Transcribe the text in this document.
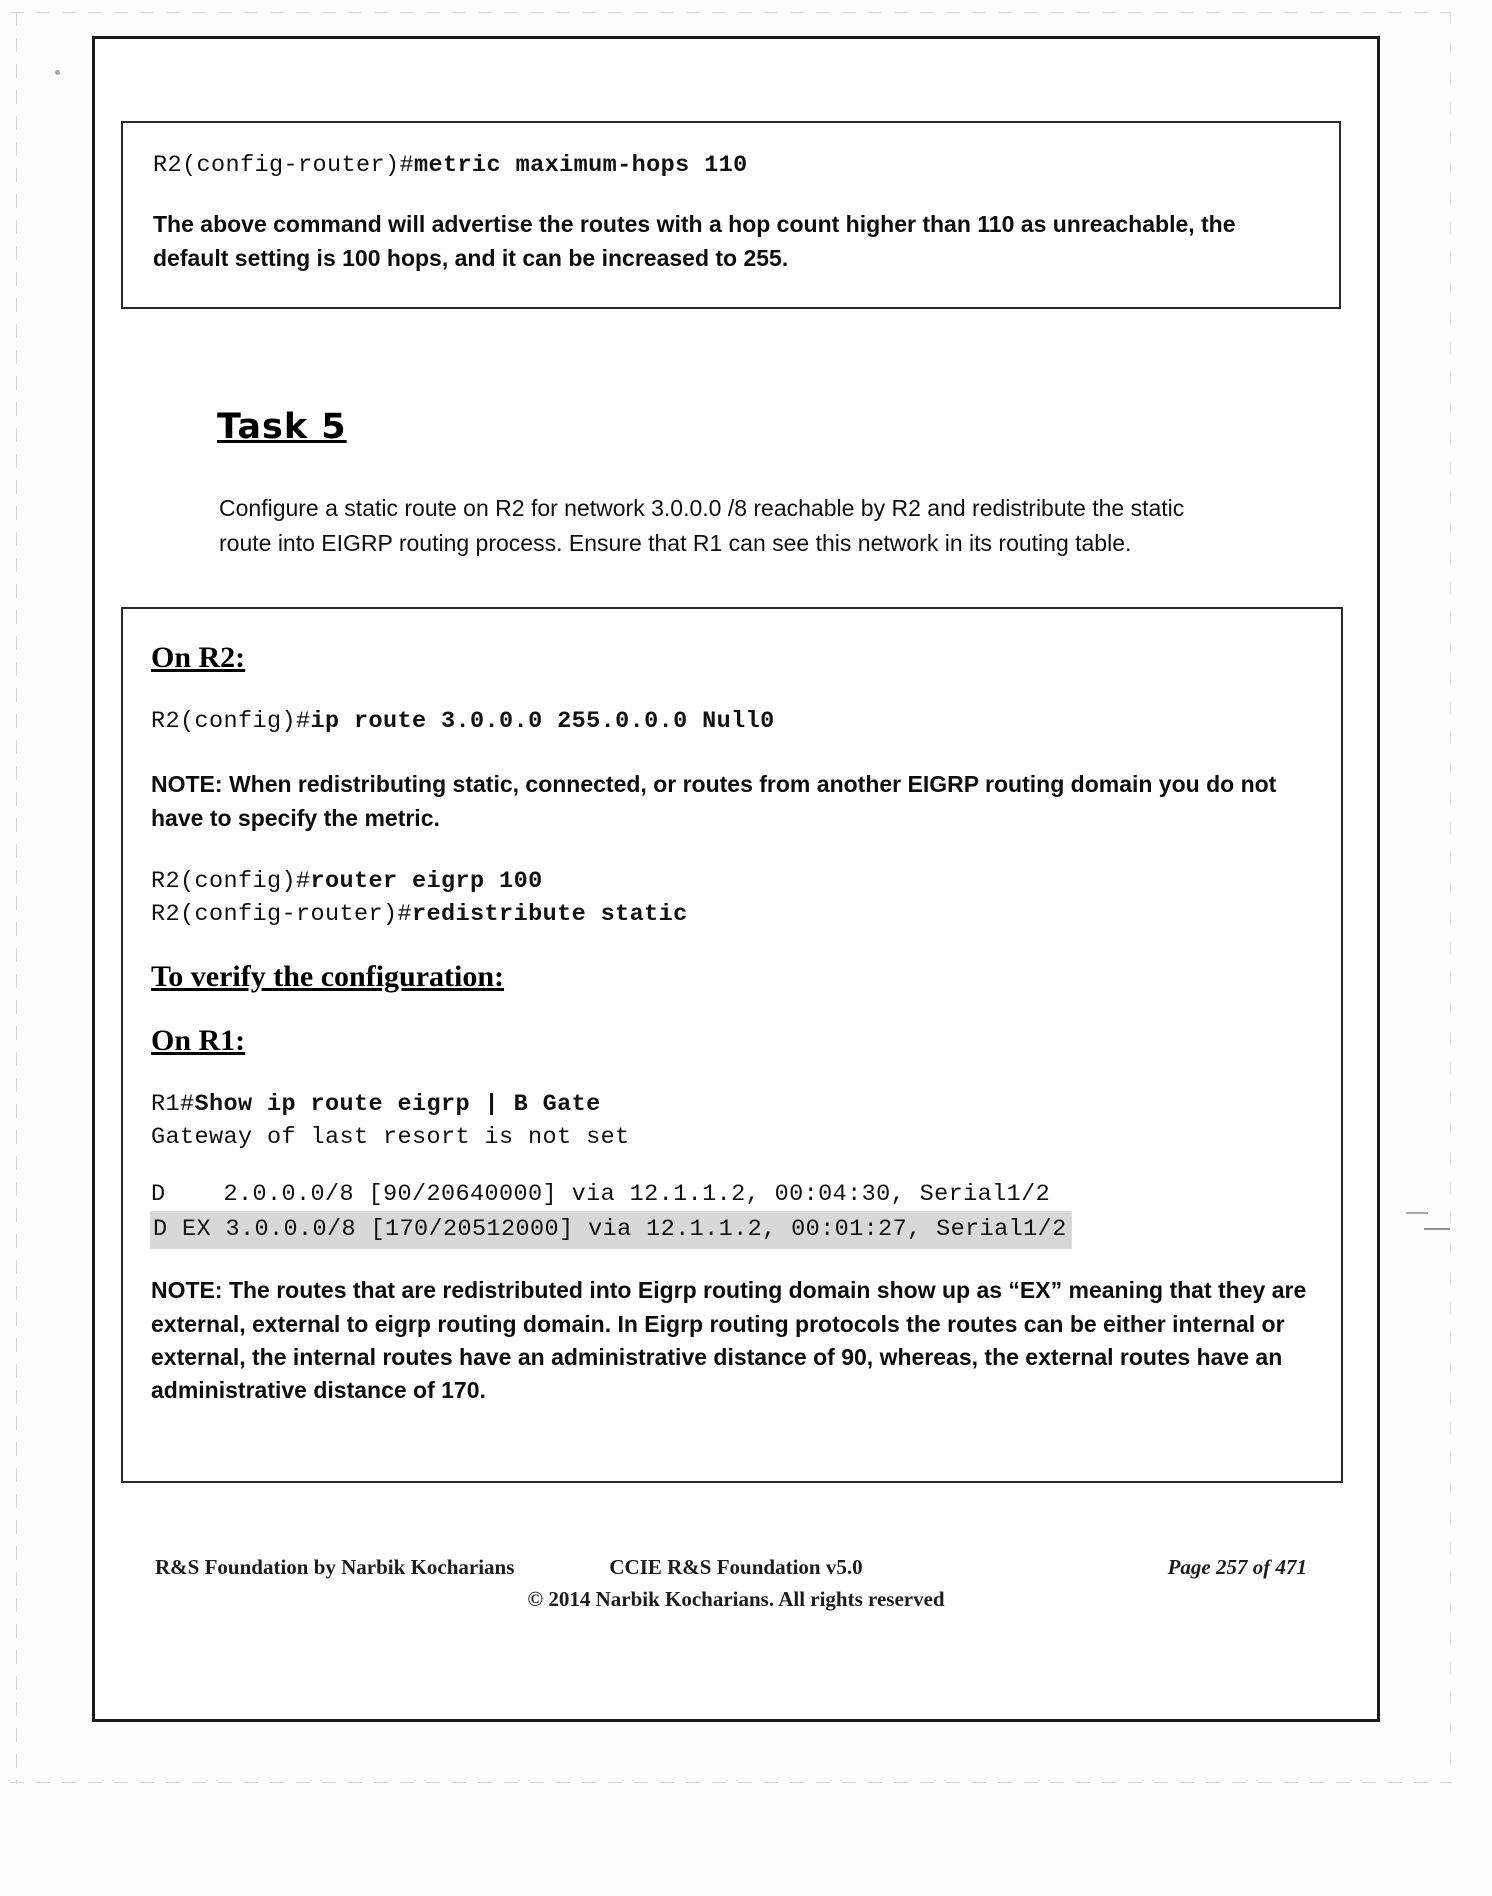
R2(config-router)#metric maximum-hops 110
The above command will advertise the routes with a hop count higher than 110 as unreachable, the default setting is 100 hops, and it can be increased to 255.
Task 5
Configure a static route on R2 for network 3.0.0.0 /8 reachable by R2 and redistribute the static route into EIGRP routing process. Ensure that R1 can see this network in its routing table.
On R2:
R2(config)#ip route 3.0.0.0 255.0.0.0 Null0
NOTE: When redistributing static, connected, or routes from another EIGRP routing domain you do not have to specify the metric.
R2(config)#router eigrp 100
R2(config-router)#redistribute static
To verify the configuration:
On R1:
R1#Show ip route eigrp | B Gate
Gateway of last resort is not set
D    2.0.0.0/8 [90/20640000] via 12.1.1.2, 00:04:30, Serial1/2
D EX 3.0.0.0/8 [170/20512000] via 12.1.1.2, 00:01:27, Serial1/2
NOTE: The routes that are redistributed into Eigrp routing domain show up as “EX” meaning that they are external, external to eigrp routing domain. In Eigrp routing protocols the routes can be either internal or external, the internal routes have an administrative distance of 90, whereas, the external routes have an administrative distance of 170.
R&S Foundation by Narbik Kocharians	CCIE R&S Foundation v5.0	Page 257 of 471
© 2014 Narbik Kocharians. All rights reserved
